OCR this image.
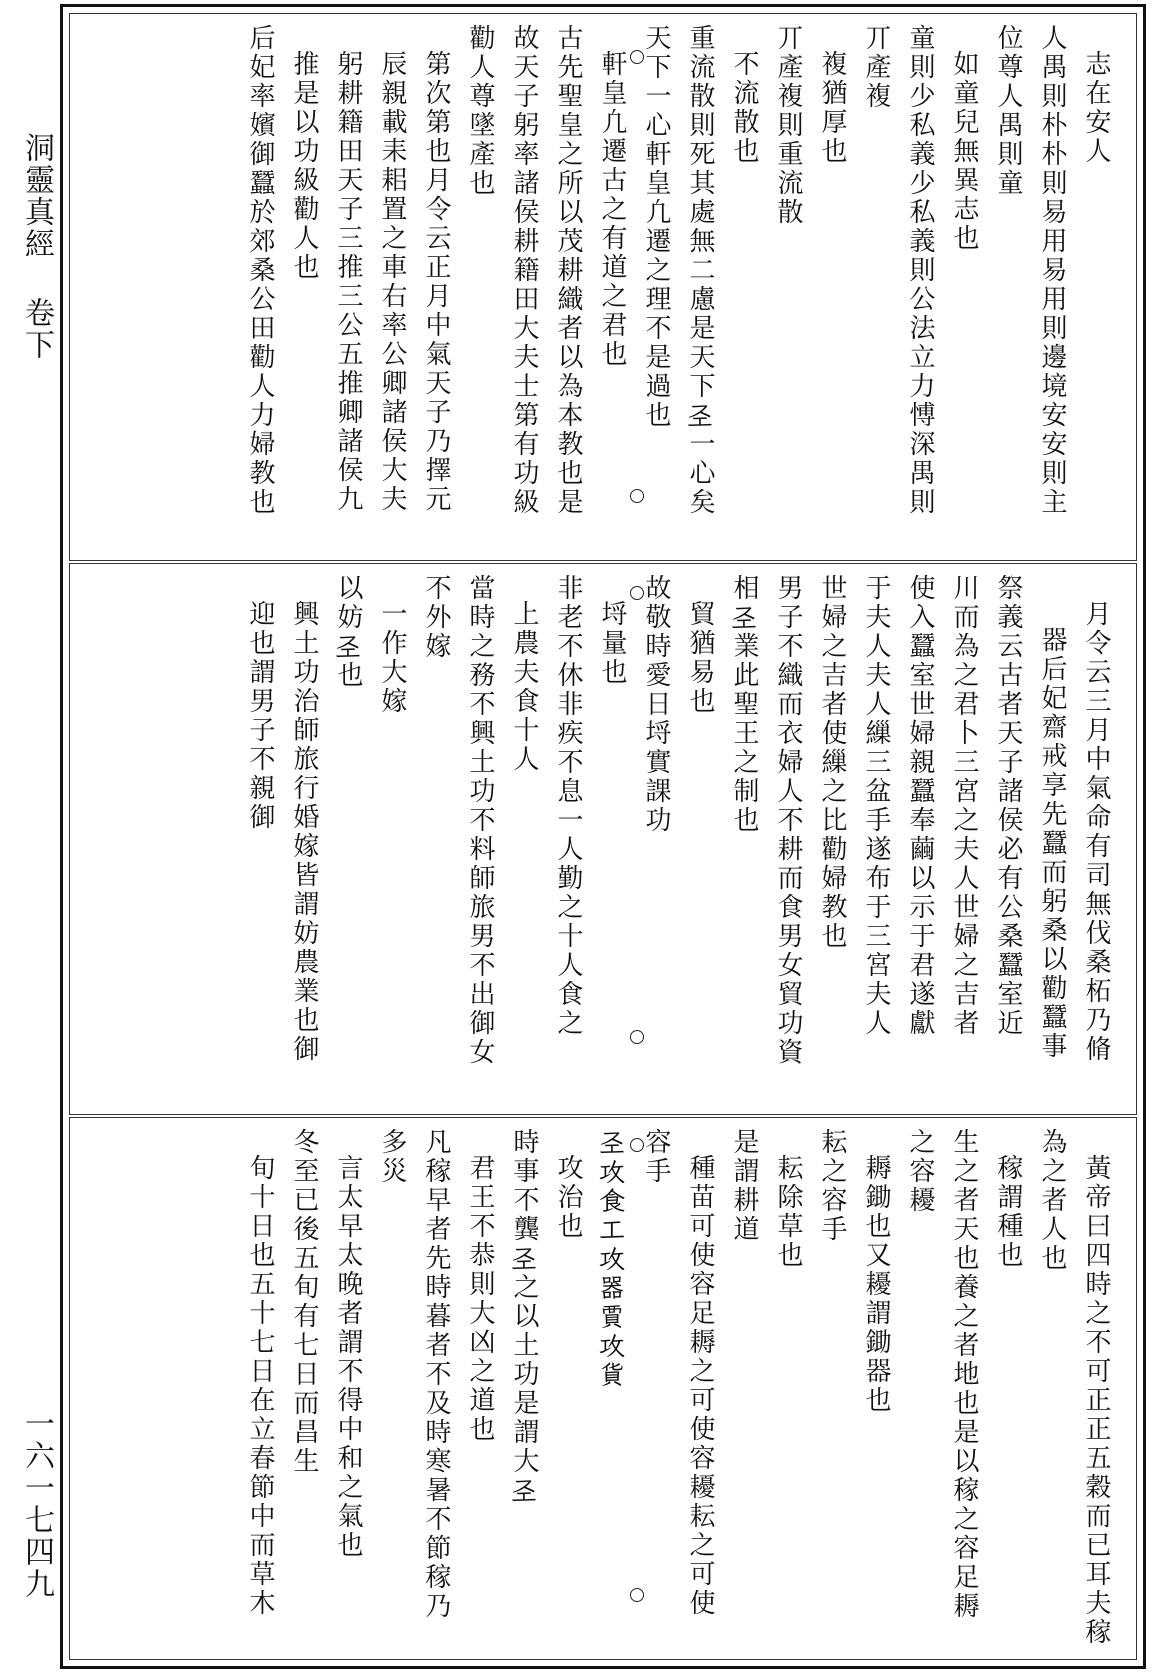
洞靈真經 卷下
一六一七四九
志在安人
人禺則朴朴則易用易用則邊境安安則主
位尊人禺則童
如童兒無異志也
童則少私義少私義則公法立力愽深禺則
丌產複
複猶厚也
丌產複則重流散
不流散也
重流散則死其處無二慮是天下𢀖一心矣
天下一心軒皇凢遷之理不是過也
軒皇凢遷古之有道之君也
古先聖皇之所以茂耕織者以為本教也是
故天子躬率諸侯耕籍田大夫士第有功級
勸人尊墜產也
第次第也月令云正月中氣天子乃擇元
辰親載耒耜置之車右率公卿諸侯大夫
躬耕籍田天子三推三公五推卿諸侯九
推是以功級勸人也
后妃率嬪御蠶於郊桑公田勸人力婦教也
月令云三月中氣命有司無伐桑柘乃脩
器后妃齋戒享先蠶而躬桑以勸蠶事
祭義云古者天子諸侯必有公桑蠶室近
川而為之君卜三宮之夫人世婦之吉者
使入蠶室世婦親蠶奉繭以示于君遂獻
于夫人夫人繅三盆手遂布于三宮夫人
世婦之吉者使繅之比勸婦教也
男子不織而衣婦人不耕而食男女貿功資
相𢀖業此聖王之制也
貿猶易也
故敬時愛日埒實課功
埒量也
非老不休非疾不息一人勤之十人食之
上農夫食十人
當時之務不興土功不料師旅男不出御女
不外嫁
一作大嫁
以妨𢀖也
興土功治師旅行婚嫁皆謂妨農業也御
迎也謂男子不親御
黃帝曰四時之不可正正五穀而已耳夫稼
為之者人也
稼謂種也
生之者天也養之者地也是以稼之容足耨
之容耰
耨鋤也又耰謂鋤器也
耘之容手
耘除草也
是謂耕道
種苗可使容足耨之可使容耰耘之可使
容手
𢀖攻食工攻器賈攻貨
攻治也
時事不龔𢀖之以土功是謂大𢀖
君王不恭則大凶之道也
凡稼早者先時暮者不及時寒暑不節稼乃
多災
言太早太晚者謂不得中和之氣也
冬至已後五旬有七日而昌生
旬十日也五十七日在立春節中而草木
